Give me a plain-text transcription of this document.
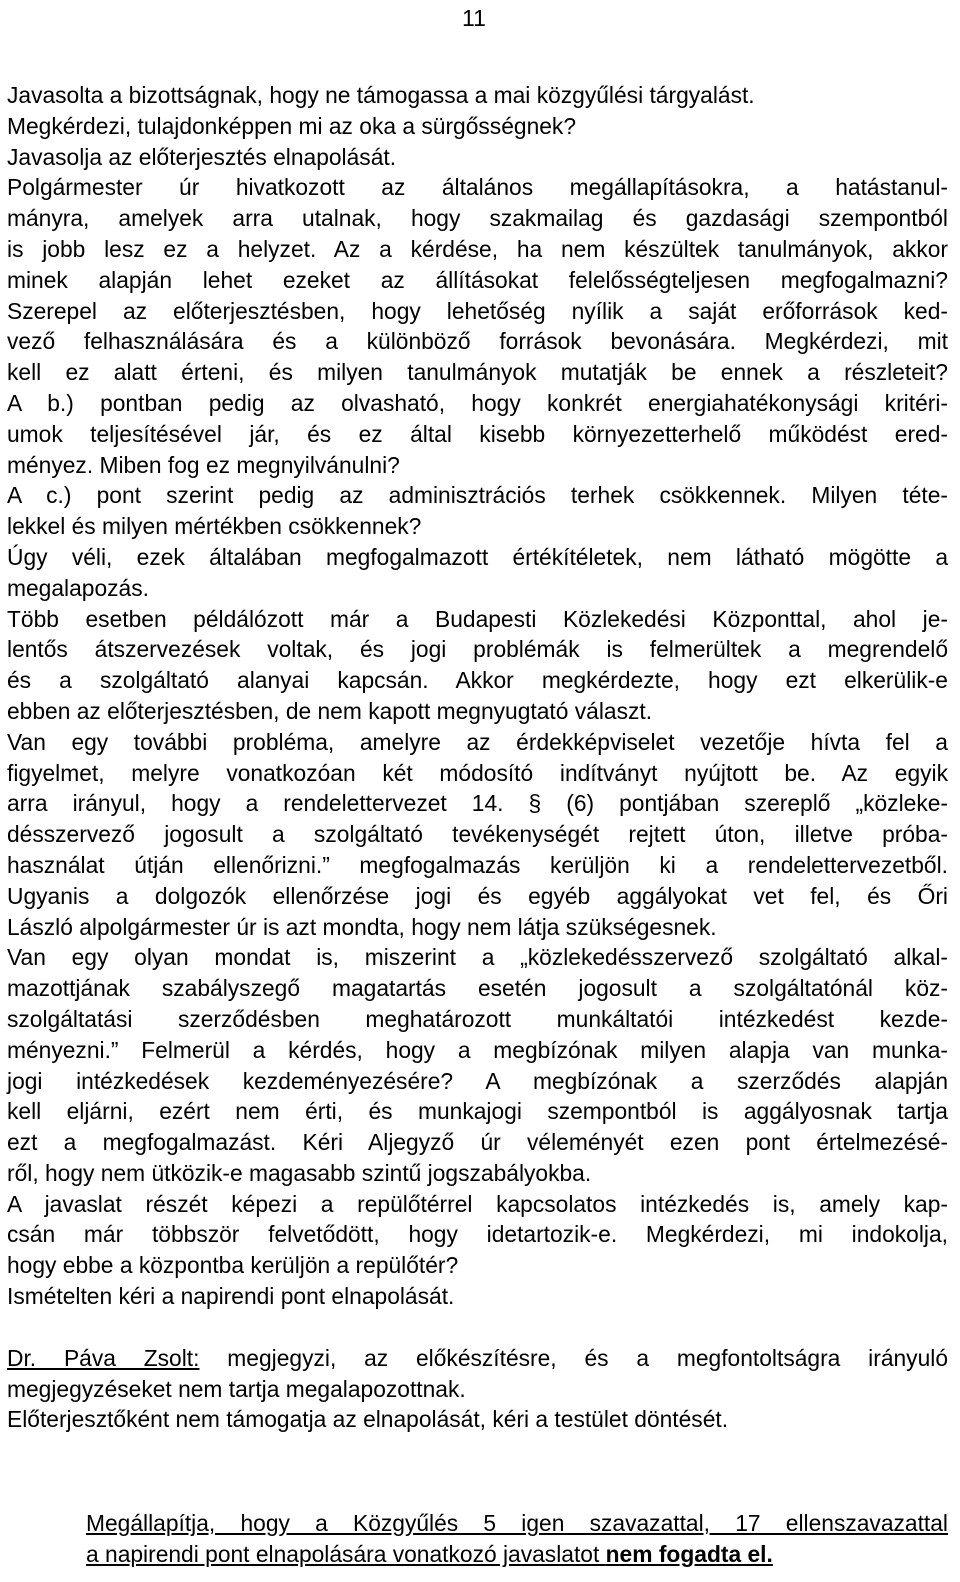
11
Javasolta a bizottságnak, hogy ne támogassa a mai közgyűlési tárgyalást.
Megkérdezi, tulajdonképpen mi az oka a sürgősségnek?
Javasolja az előterjesztés elnapolását.
Polgármester úr hivatkozott az általános megállapításokra, a hatástanul-
mányra, amelyek arra utalnak, hogy szakmailag és gazdasági szempontból
is jobb lesz ez a helyzet. Az a kérdése, ha nem készültek tanulmányok, akkor
minek alapján lehet ezeket az állításokat felelősségteljesen megfogalmazni?
Szerepel az előterjesztésben, hogy lehetőség nyílik a saját erőforrások ked-
vező felhasználására és a különböző források bevonására. Megkérdezi, mit
kell ez alatt érteni, és milyen tanulmányok mutatják be ennek a részleteit?
A b.) pontban pedig az olvasható, hogy konkrét energiahatékonysági kritéri-
umok teljesítésével jár, és ez által kisebb környezetterhelő működést ered-
ményez. Miben fog ez megnyilvánulni?
A c.) pont szerint pedig az adminisztrációs terhek csökkennek. Milyen téte-
lekkel és milyen mértékben csökkennek?
Úgy véli, ezek általában megfogalmazott értékítéletek, nem látható mögötte a
megalapozás.
Több esetben példálózott már a Budapesti Közlekedési Központtal, ahol je-
lentős átszervezések voltak, és jogi problémák is felmerültek a megrendelő
és a szolgáltató alanyai kapcsán. Akkor megkérdezte, hogy ezt elkerülik-e
ebben az előterjesztésben, de nem kapott megnyugtató választ.
Van egy további probléma, amelyre az érdekképviselet vezetője hívta fel a
figyelmet, melyre vonatkozóan két módosító indítványt nyújtott be. Az egyik
arra irányul, hogy a rendelettervezet 14. § (6) pontjában szereplő „közleke-
désszervező jogosult a szolgáltató tevékenységét rejtett úton, illetve próba-
használat útján ellenőrizni.” megfogalmazás kerüljön ki a rendelettervezetből.
Ugyanis a dolgozók ellenőrzése jogi és egyéb aggályokat vet fel, és Őri
László alpolgármester úr is azt mondta, hogy nem látja szükségesnek.
Van egy olyan mondat is, miszerint a „közlekedésszervező szolgáltató alkal-
mazottjának szabályszegő magatartás esetén jogosult a szolgáltatónál köz-
szolgáltatási szerződésben meghatározott munkáltatói intézkedést kezde-
ményezni.” Felmerül a kérdés, hogy a megbízónak milyen alapja van munka-
jogi intézkedések kezdeményezésére? A megbízónak a szerződés alapján
kell eljárni, ezért nem érti, és munkajogi szempontból is aggályosnak tartja
ezt a megfogalmazást. Kéri Aljegyző úr véleményét ezen pont értelmezésé-
ről, hogy nem ütközik-e magasabb szintű jogszabályokba.
A javaslat részét képezi a repülőtérrel kapcsolatos intézkedés is, amely kap-
csán már többször felvetődött, hogy idetartozik-e. Megkérdezi, mi indokolja,
hogy ebbe a központba kerüljön a repülőtér?
Ismételten kéri a napirendi pont elnapolását.
Dr. Páva Zsolt: megjegyzi, az előkészítésre, és a megfontoltságra irányuló
megjegyzéseket nem tartja megalapozottnak.
Előterjesztőként nem támogatja az elnapolását, kéri a testület döntését.
Megállapítja, hogy a Közgyűlés 5 igen szavazattal, 17 ellenszavazattal
a napirendi pont elnapolására vonatkozó javaslatot nem fogadta el.
